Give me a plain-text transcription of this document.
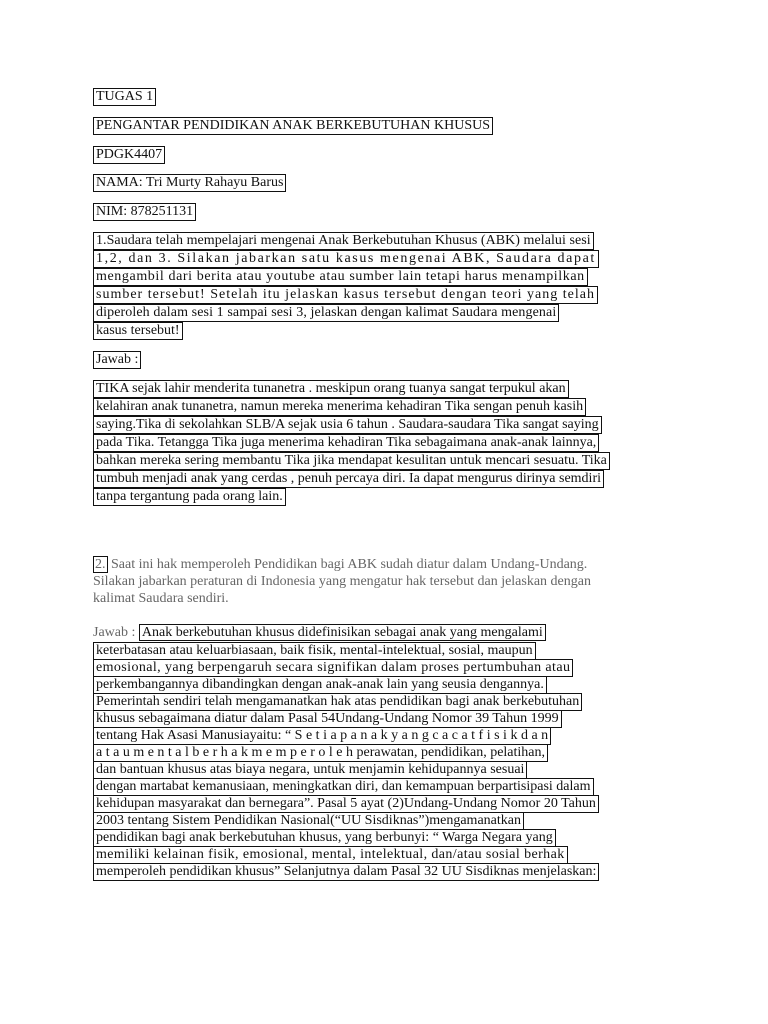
TUGAS 1
PENGANTAR PENDIDIKAN ANAK BERKEBUTUHAN KHUSUS
PDGK4407
NAMA: Tri Murty Rahayu Barus
NIM: 878251131
1.Saudara telah mempelajari mengenai Anak Berkebutuhan Khusus (ABK) melalui sesi
1,2, dan 3. Silakan jabarkan satu kasus mengenai ABK, Saudara dapat
mengambil dari berita atau youtube atau sumber lain tetapi harus menampilkan
sumber tersebut! Setelah itu jelaskan kasus tersebut dengan teori yang telah
diperoleh dalam sesi 1 sampai sesi 3, jelaskan dengan kalimat Saudara mengenai
kasus tersebut!
Jawab :
TIKA sejak lahir menderita tunanetra . meskipun orang tuanya sangat terpukul akan
kelahiran anak tunanetra, namun mereka menerima kehadiran Tika sengan penuh kasih
saying.Tika di sekolahkan SLB/A sejak usia 6 tahun . Saudara-saudara Tika sangat saying
pada Tika. Tetangga Tika juga menerima kehadiran Tika sebagaimana anak-anak lainnya,
bahkan mereka sering membantu Tika jika mendapat kesulitan untuk mencari sesuatu. Tika
tumbuh menjadi anak yang cerdas , penuh percaya diri. Ia dapat mengurus dirinya semdiri
tanpa tergantung pada orang lain.
2. Saat ini hak memperoleh Pendidikan bagi ABK sudah diatur dalam Undang-Undang.
Silakan jabarkan peraturan di Indonesia yang mengatur hak tersebut dan jelaskan dengan
kalimat Saudara sendiri.
Jawab : Anak berkebutuhan khusus didefinisikan sebagai anak yang mengalami
keterbatasan atau keluarbiasaan, baik fisik, mental-intelektual, sosial, maupun
emosional, yang berpengaruh secara signifikan dalam proses pertumbuhan atau
perkembangannya dibandingkan dengan anak-anak lain yang seusia dengannya.
Pemerintah sendiri telah mengamanatkan hak atas pendidikan bagi anak berkebutuhan
khusus sebagaimana diatur dalam Pasal 54Undang-Undang Nomor 39 Tahun 1999
tentang Hak Asasi Manusiayaitu: “ S e t i a p a n a k y a n g c a c a t f i s i k d a n
a t a u m e n t a l b e r h a k m e m p e r o l e h perawatan, pendidikan, pelatihan,
dan bantuan khusus atas biaya negara, untuk menjamin kehidupannya sesuai
dengan martabat kemanusiaan, meningkatkan diri, dan kemampuan berpartisipasi dalam
kehidupan masyarakat dan bernegara”. Pasal 5 ayat (2)Undang-Undang Nomor 20 Tahun
2003 tentang Sistem Pendidikan Nasional(“UU Sisdiknas”)mengamanatkan
pendidikan bagi anak berkebutuhan khusus, yang berbunyi: “ Warga Negara yang
memiliki kelainan fisik, emosional, mental, intelektual, dan/atau sosial berhak
memperoleh pendidikan khusus” Selanjutnya dalam Pasal 32 UU Sisdiknas menjelaskan:
